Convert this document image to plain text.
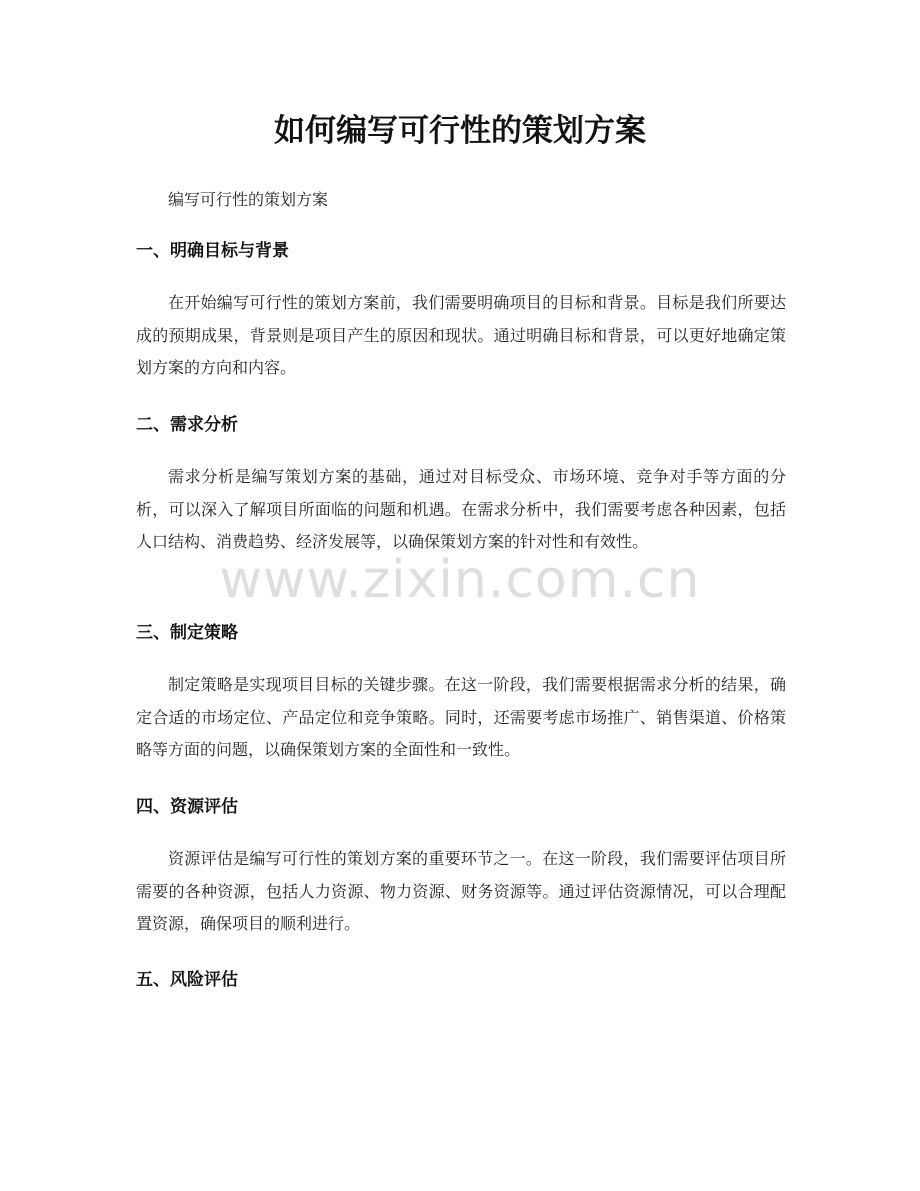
如何编写可行性的策划方案

编写可行性的策划方案

一、明确目标与背景

在开始编写可行性的策划方案前，我们需要明确项目的目标和背景。目标是我们所要达成的预期成果，背景则是项目产生的原因和现状。通过明确目标和背景，可以更好地确定策划方案的方向和内容。

二、需求分析

需求分析是编写策划方案的基础，通过对目标受众、市场环境、竞争对手等方面的分析，可以深入了解项目所面临的问题和机遇。在需求分析中，我们需要考虑各种因素，包括人口结构、消费趋势、经济发展等，以确保策划方案的针对性和有效性。

三、制定策略

制定策略是实现项目目标的关键步骤。在这一阶段，我们需要根据需求分析的结果，确定合适的市场定位、产品定位和竞争策略。同时，还需要考虑市场推广、销售渠道、价格策略等方面的问题，以确保策划方案的全面性和一致性。

四、资源评估

资源评估是编写可行性的策划方案的重要环节之一。在这一阶段，我们需要评估项目所需要的各种资源，包括人力资源、物力资源、财务资源等。通过评估资源情况，可以合理配置资源，确保项目的顺利进行。

五、风险评估
www.zixin.com.cn
